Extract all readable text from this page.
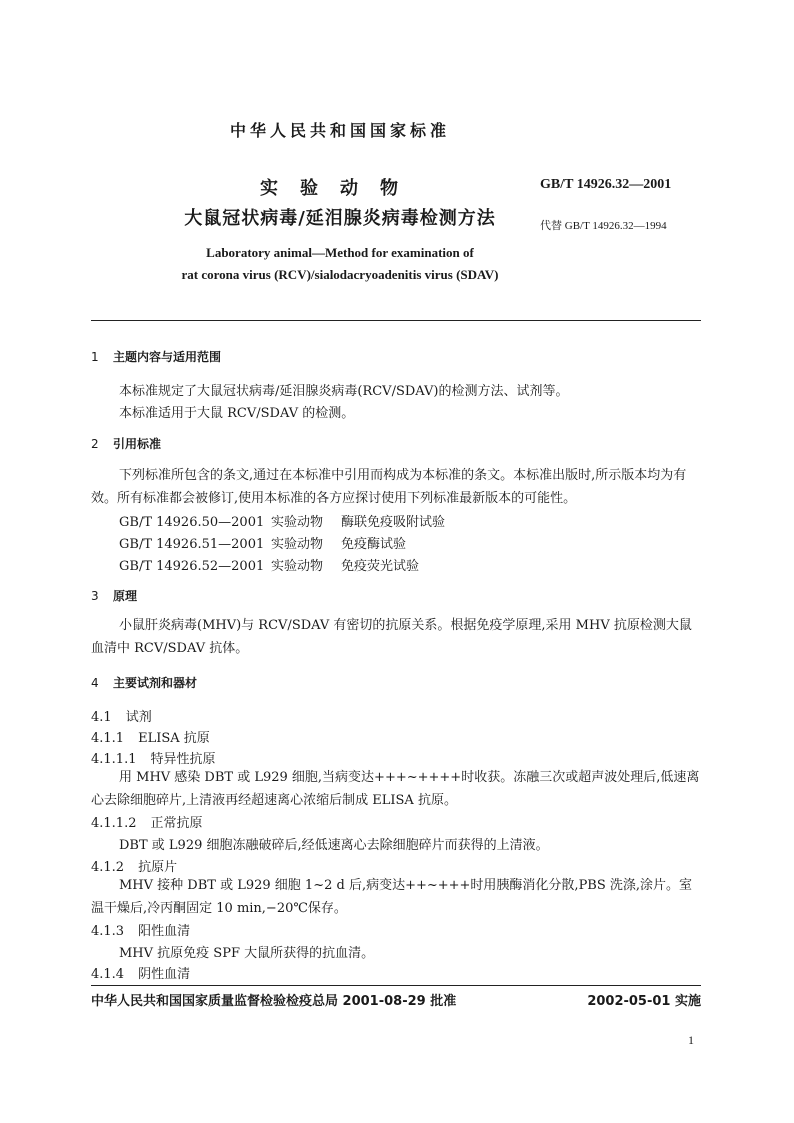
中华人民共和国国家标准
实验动物
大鼠冠状病毒/延泪腺炎病毒检测方法
GB/T 14926.32—2001
代替 GB/T 14926.32—1994
Laboratory animal—Method for examination of
rat corona virus (RCV)/sialodacryoadenitis virus (SDAV)
1 主题内容与适用范围
本标准规定了大鼠冠状病毒/延泪腺炎病毒(RCV/SDAV)的检测方法、试剂等。
本标准适用于大鼠 RCV/SDAV 的检测。
2 引用标准
下列标准所包含的条文,通过在本标准中引用而构成为本标准的条文。本标准出版时,所示版本均为有效。所有标准都会被修订,使用本标准的各方应探讨使用下列标准最新版本的可能性。
GB/T 14926.50—2001 实验动物 酶联免疫吸附试验
GB/T 14926.51—2001 实验动物 免疫酶试验
GB/T 14926.52—2001 实验动物 免疫荧光试验
3 原理
小鼠肝炎病毒(MHV)与 RCV/SDAV 有密切的抗原关系。根据免疫学原理,采用 MHV 抗原检测大鼠血清中 RCV/SDAV 抗体。
4 主要试剂和器材
4.1 试剂
4.1.1 ELISA 抗原
4.1.1.1 特异性抗原
用 MHV 感染 DBT 或 L929 细胞,当病变达+++~++++时收获。冻融三次或超声波处理后,低速离心去除细胞碎片,上清液再经超速离心浓缩后制成 ELISA 抗原。
4.1.1.2 正常抗原
DBT 或 L929 细胞冻融破碎后,经低速离心去除细胞碎片而获得的上清液。
4.1.2 抗原片
MHV 接种 DBT 或 L929 细胞 1~2 d 后,病变达++~+++时用胰酶消化分散,PBS 洗涤,涂片。室温干燥后,冷丙酮固定 10 min,−20℃保存。
4.1.3 阳性血清
MHV 抗原免疫 SPF 大鼠所获得的抗血清。
4.1.4 阴性血清
中华人民共和国国家质量监督检验检疫总局 2001-08-29 批准	2002-05-01 实施
1
